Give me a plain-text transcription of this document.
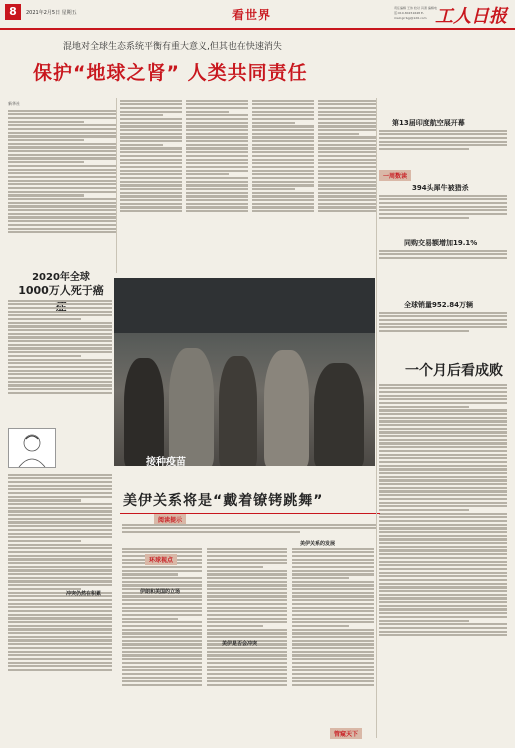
8	2021年2月5日 星期五	看世界	责任编辑 王伟 校对 冯清 编辑电话:010-84151648 E-mail:grrbgj@126.com 工人日报
混地对全球生态系统平衡有重大意义,但其也在快速消失
保护“地球之肾” 人类共同责任
新华社
2020年全球
1000万人死于癌
接种疫苗
第13届印度航空展开幕
一周数读
394头犀牛被猎杀
同购交易额增加19.1%
全球销量952.84万辆
一个月后看成败
美伊关系将是“戴着镣铐跳舞”
阅读提示
伊朗和美国的立场
美伊是否会冲突
美伊关系的发展
冲突仍然在积累
管窥天下
环球视点
